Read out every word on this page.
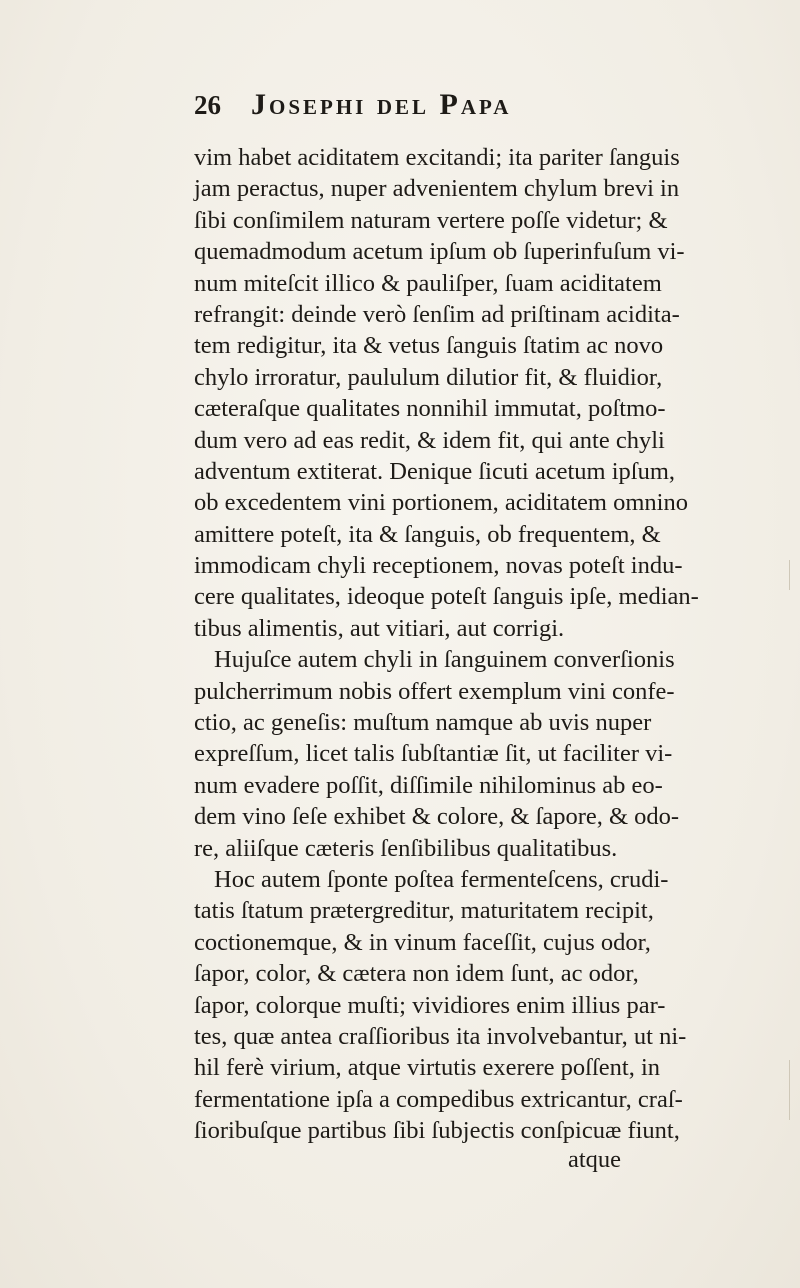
26 Josephi del Papa
vim habet aciditatem excitandi; ita pariter ſanguis
jam peractus, nuper advenientem chylum brevi in
ſibi conſimilem naturam vertere poſſe videtur; &
quemadmodum acetum ipſum ob ſuperinfuſum vi-
num miteſcit illico & pauliſper, ſuam aciditatem
refrangit: deinde verò ſenſim ad priſtinam acidita-
tem redigitur, ita & vetus ſanguis ſtatim ac novo
chylo irroratur, paululum dilutior fit, & fluidior,
cæteraſque qualitates nonnihil immutat, poſtmo-
dum vero ad eas redit, & idem fit, qui ante chyli
adventum extiterat. Denique ſicuti acetum ipſum,
ob excedentem vini portionem, aciditatem omnino
amittere poteſt, ita & ſanguis, ob frequentem, &
immodicam chyli receptionem, novas poteſt indu-
cere qualitates, ideoque poteſt ſanguis ipſe, median-
tibus alimentis, aut vitiari, aut corrigi.
Hujuſce autem chyli in ſanguinem converſionis
pulcherrimum nobis offert exemplum vini confe-
ctio, ac geneſis: muſtum namque ab uvis nuper
expreſſum, licet talis ſubſtantiæ ſit, ut faciliter vi-
num evadere poſſit, diſſimile nihilominus ab eo-
dem vino ſeſe exhibet & colore, & ſapore, & odo-
re, aliiſque cæteris ſenſibilibus qualitatibus.
Hoc autem ſponte poſtea fermenteſcens, crudi-
tatis ſtatum prætergreditur, maturitatem recipit,
coctionemque, & in vinum faceſſit, cujus odor,
ſapor, color, & cætera non idem ſunt, ac odor,
ſapor, colorque muſti; vividiores enim illius par-
tes, quæ antea craſſioribus ita involvebantur, ut ni-
hil ferè virium, atque virtutis exerere poſſent, in
fermentatione ipſa a compedibus extricantur, craſ-
ſioribuſque partibus ſibi ſubjectis conſpicuæ fiunt,
atque
